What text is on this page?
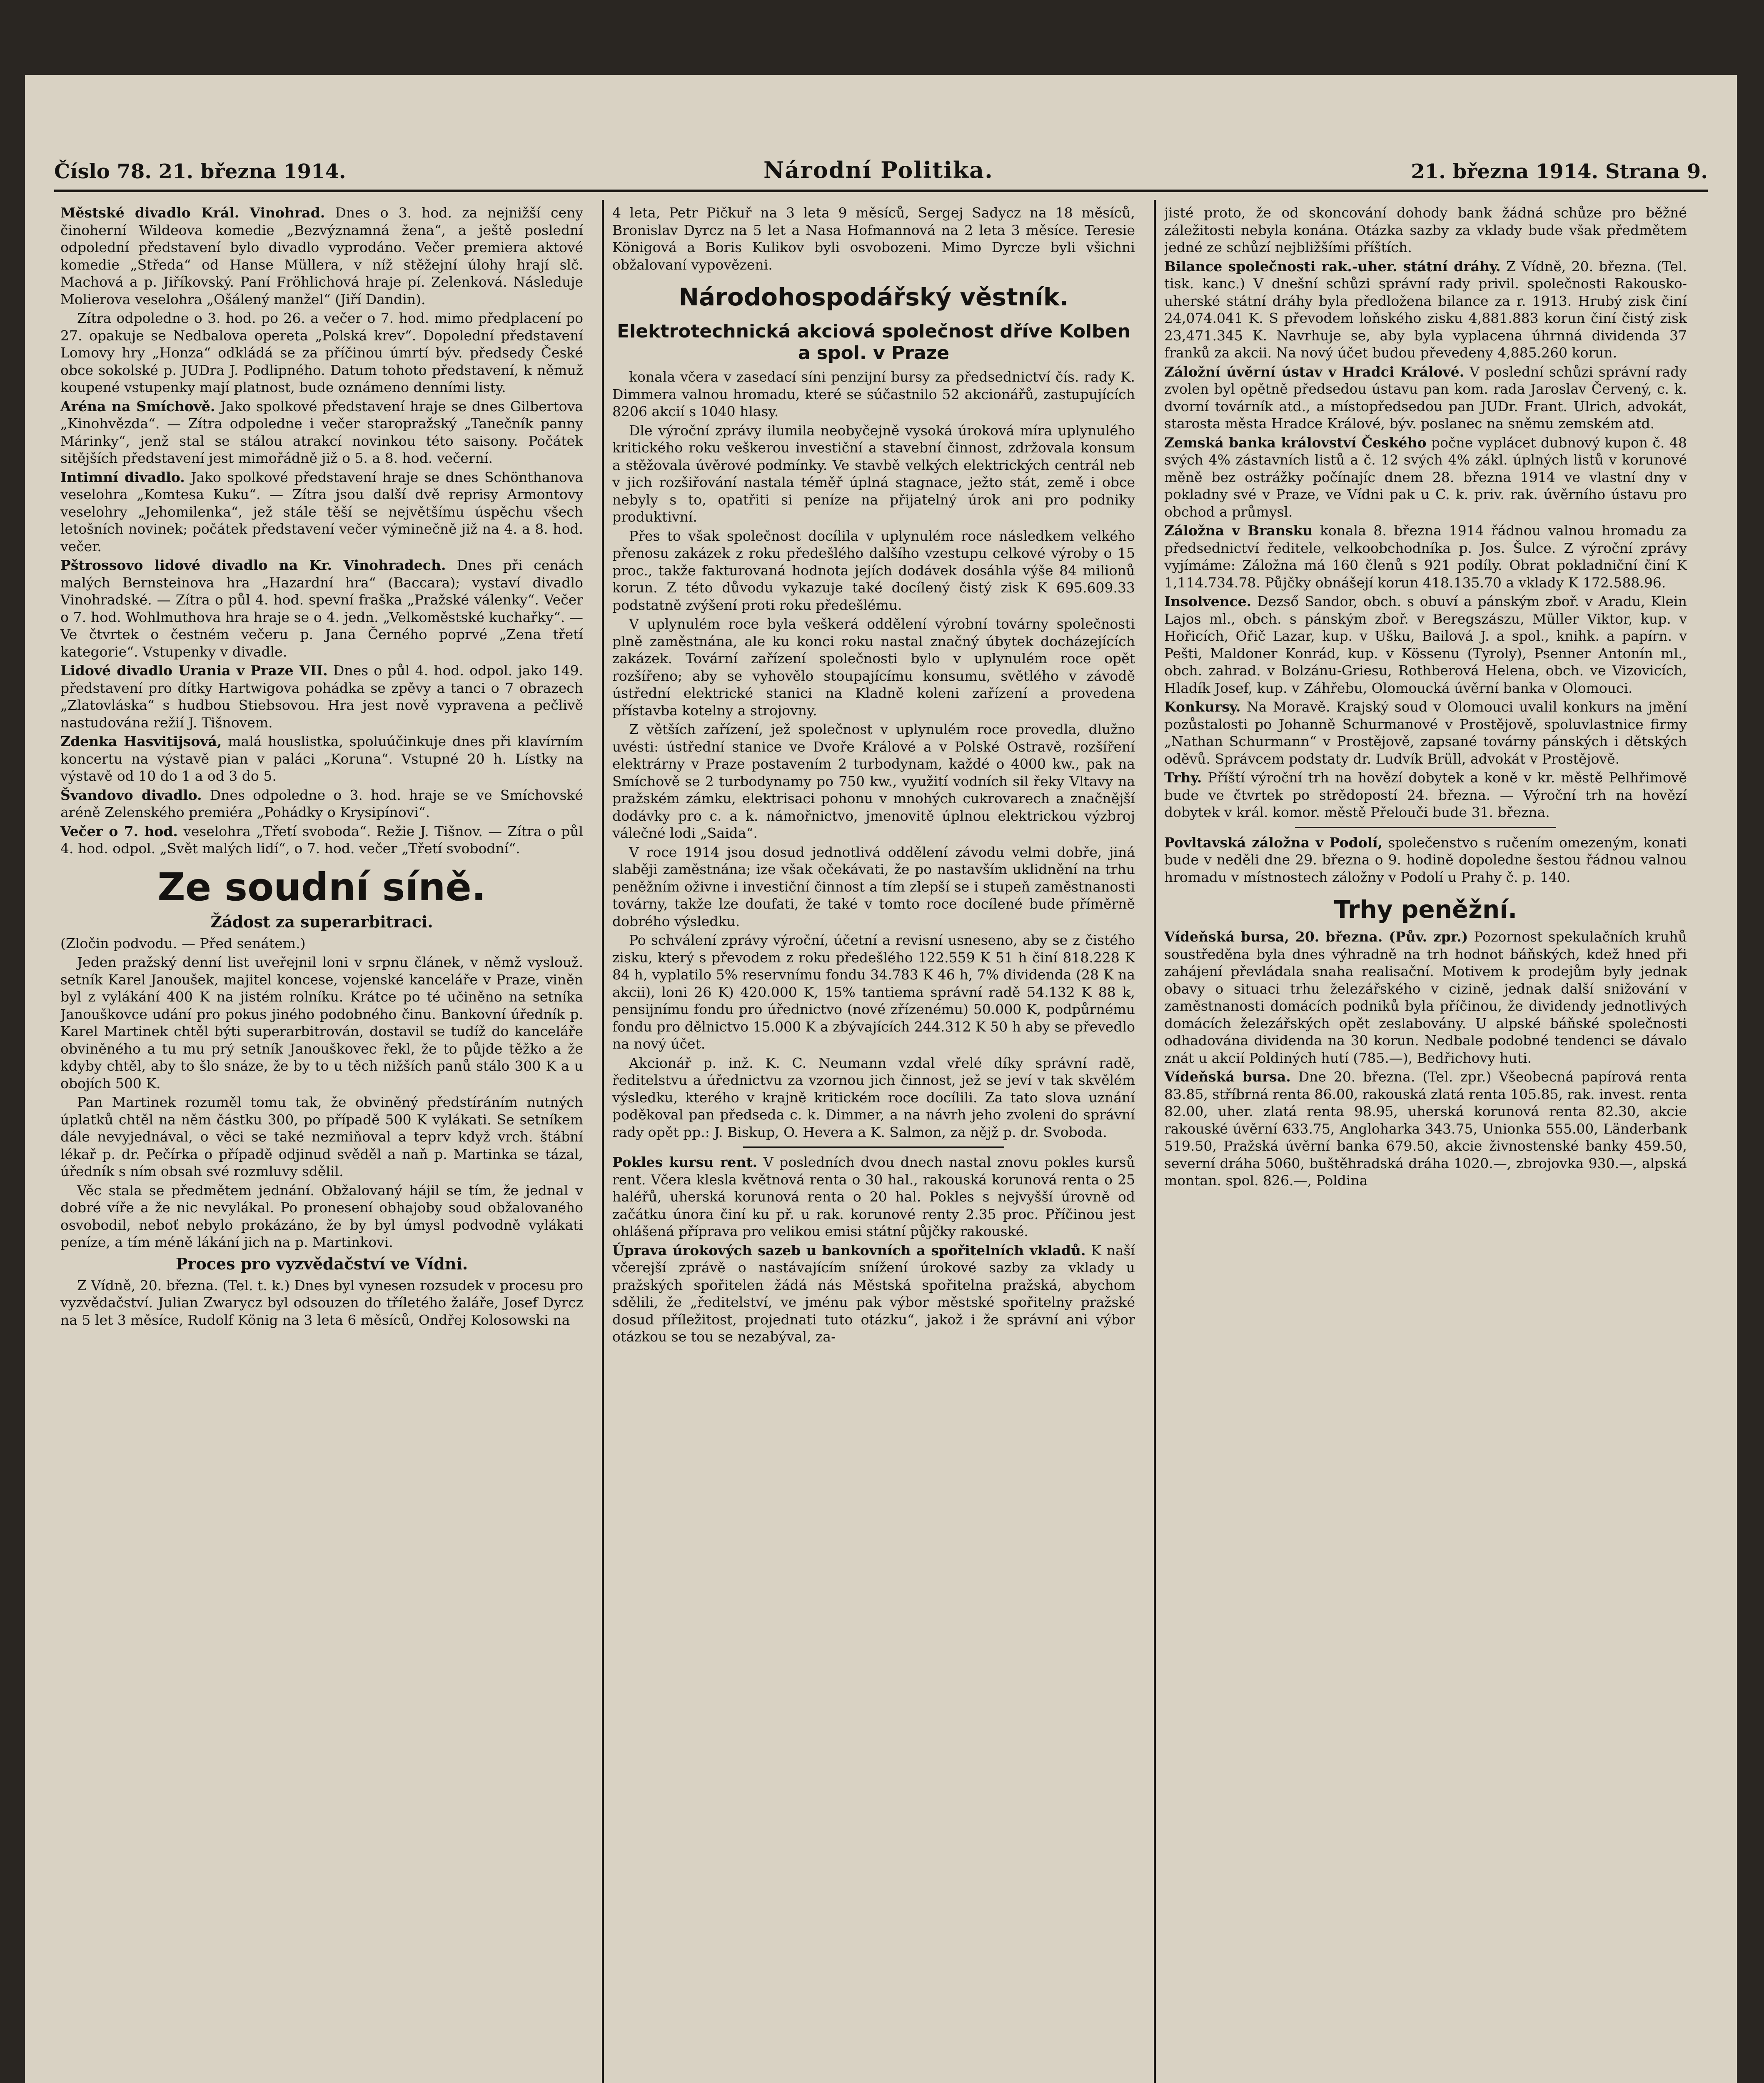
Číslo 78. 21. března 1914.	Národní Politika.	21. března 1914. Strana 9.

Městské divadlo Král. Vinohrad. Dnes o 3. hod. za nejnižší ceny činoherní Wildeova komedie „Bezvýznamná žena“, a ještě poslední odpolední představení bylo divadlo vyprodáno. Večer premiera aktové komedie „Středa“ od Hanse Müllera, v níž stěžejní úlohy hrají slč. Machová a p. Jiříkovský. Paní Fröhlichová hraje pí. Zelenková. Následuje Molierova veselohra „Ošálený manžel“ (Jiří Dandin).

Zítra odpoledne o 3. hod. po 26. a večer o 7. hod. mimo předplacení po 27. opakuje se Nedbalova opereta „Polská krev“. Dopolední představení Lomovy hry „Honza“ odkládá se za příčinou úmrtí býv. předsedy České obce sokolské p. JUDra J. Podlipného. Datum tohoto představení, k němuž koupené vstupenky mají platnost, bude oznámeno denními listy.

Aréna na Smíchově. Jako spolkové představení hraje se dnes Gilbertova „Kinohvězda“. — Zítra odpoledne i večer staropražský „Tanečník panny Márinky“, jenž stal se stálou atrakcí novinkou této saisony. Počátek sitějších představení jest mimořádně již o 5. a 8. hod. večerní.

Intimní divadlo. Jako spolkové představení hraje se dnes Schönthanova veselohra „Komtesa Kuku“. — Zítra jsou další dvě reprisy Armontovy veselohry „Jehomilenka“, jež stále těší se největšímu úspěchu všech letošních novinek; počátek představení večer výminečně již na 4. a 8. hod. večer.

Pštrossovo lidové divadlo na Kr. Vinohradech. Dnes při cenách malých Bernsteinova hra „Hazardní hra“ (Baccara); vystaví divadlo Vinohradské. — Zítra o půl 4. hod. spevní fraška „Pražské válenky“. Večer o 7. hod. Wohlmuthova hra hraje se o 4. jedn. „Velkoměstské kuchařky“. — Ve čtvrtek o čestném večeru p. Jana Černého poprvé „Zena třetí kategorie“. Vstupenky v divadle.

Lidové divadlo Urania v Praze VII. Dnes o půl 4. hod. odpol. jako 149. představení pro dítky Hartwigova pohádka se zpěvy a tanci o 7 obrazech „Zlatovláska“ s hudbou Stiebsovou. Hra jest nově vypravena a pečlivě nastudována režií J. Tišnovem.

Zdenka Hasvitijsová, malá houslistka, spoluúčinkuje dnes při klavírním koncertu na výstavě pian v paláci „Koruna“. Vstupné 20 h. Lístky na výstavě od 10 do 1 a od 3 do 5.

Švandovo divadlo. Dnes odpoledne o 3. hod. hraje se ve Smíchovské aréně Zelenského premiéra „Pohádky o Krysipínovi“.

Večer o 7. hod. veselohra „Třetí svoboda“. Režie J. Tišnov. — Zítra o půl 4. hod. odpol. „Svět malých lidí“, o 7. hod. večer „Třetí svobodní“.

Ze soudní síně.
Žádost za superarbitraci.

(Zločin podvodu. — Před senátem.)

Jeden pražský denní list uveřejnil loni v srpnu článek, v němž vyslouž. setník Karel Janoušek, majitel koncese, vojenské kanceláře v Praze, viněn byl z vylákání 400 K na jistém rolníku. Krátce po té učiněno na setníka Janouškovce udání pro pokus jiného podobného činu. Bankovní úředník p. Karel Martinek chtěl býti superarbitrován, dostavil se tudíž do kanceláře obviněného a tu mu prý setník Janouškovec řekl, že to půjde těžko a že kdyby chtěl, aby to šlo snáze, že by to u těch nižších panů stálo 300 K a u obojích 500 K.

Pan Martinek rozuměl tomu tak, že obviněný předstíráním nutných úplatků chtěl na něm částku 300, po případě 500 K vylákati. Se setníkem dále nevyjednával, o věci se také nezmiňoval a teprv když vrch. štábní lékař p. dr. Pečírka o případě odjinud svěděl a naň p. Martinka se tázal, úředník s ním obsah své rozmluvy sdělil.

Věc stala se předmětem jednání. Obžalovaný hájil se tím, že jednal v dobré víře a že nic nevylákal. Po pronesení obhajoby soud obžalovaného osvobodil, neboť nebylo prokázáno, že by byl úmysl podvodně vylákati peníze, a tím méně lákání jich na p. Martinkovi.

Proces pro vyzvědačství ve Vídni.

Z Vídně, 20. března. (Tel. t. k.) Dnes byl vynesen rozsudek v procesu pro vyzvědačství. Julian Zwarycz byl odsouzen do tříletého žaláře, Josef Dyrcz na 5 let 3 měsíce, Rudolf König na 3 leta 6 měsíců, Ondřej Kolosowski na

4 leta, Petr Pičkuř na 3 leta 9 měsíců, Sergej Sadycz na 18 měsíců, Bronislav Dyrcz na 5 let a Nasa Hofmannová na 2 leta 3 měsíce. Teresie Königová a Boris Kulikov byli osvobozeni. Mimo Dyrcze byli všichni obžalovaní vypovězeni.

Národohospodářský věstník.
Elektrotechnická akciová společnost dříve Kolben a spol. v Praze

konala včera v zasedací síni penzijní bursy za předsednictví čís. rady K. Dimmera valnou hromadu, které se súčastnilo 52 akcionářů, zastupujících 8206 akcií s 1040 hlasy.

Dle výroční zprávy ilumila neobyčejně vysoká úroková míra uplynulého kritického roku veškerou investiční a stavební činnost, zdržovala konsum a stěžovala úvěrové podmínky. Ve stavbě velkých elektrických centrál neb v jich rozšiřování nastala téměř úplná stagnace, ježto stát, země i obce nebyly s to, opatřiti si peníze na přijatelný úrok ani pro podniky produktivní.

Přes to však společnost docílila v uplynulém roce následkem velkého přenosu zakázek z roku předešlého dalšího vzestupu celkové výroby o 15 proc., takže fakturovaná hodnota jejích dodávek dosáhla výše 84 milionů korun. Z této důvodu vykazuje také docílený čistý zisk K 695.609.33 podstatně zvýšení proti roku předešlému.

V uplynulém roce byla veškerá oddělení výrobní továrny společnosti plně zaměstnána, ale ku konci roku nastal značný úbytek docházejících zakázek. Tovární zařízení společnosti bylo v uplynulém roce opět rozšířeno; aby se vyhovělo stoupajícímu konsumu, světlého v závodě ústřední elektrické stanici na Kladně koleni zařízení a provedena přístavba kotelny a strojovny.

Z větších zařízení, jež společnost v uplynulém roce provedla, dlužno uvésti: ústřední stanice ve Dvoře Králové a v Polské Ostravě, rozšíření elektrárny v Praze postavením 2 turbodynam, každé o 4000 kw., pak na Smíchově se 2 turbodynamy po 750 kw., využití vodních sil řeky Vltavy na pražském zámku, elektrisaci pohonu v mnohých cukrovarech a značnější dodávky pro c. a k. námořnictvo, jmenovitě úplnou elektrickou výzbroj válečné lodi „Saida“.

V roce 1914 jsou dosud jednotlivá oddělení závodu velmi dobře, jiná slaběji zaměstnána; ize však očekávati, že po nastavším uklidnění na trhu peněžním oživne i investiční činnost a tím zlepší se i stupeň zaměstnanosti továrny, takže lze doufati, že také v tomto roce docílené bude příměrně dobrého výsledku.

Po schválení zprávy výroční, účetní a revisní usneseno, aby se z čistého zisku, který s převodem z roku předešlého 122.559 K 51 h činí 818.228 K 84 h, vyplatilo 5% reservnímu fondu 34.783 K 46 h, 7% dividenda (28 K na akcii), loni 26 K) 420.000 K, 15% tantiema správní radě 54.132 K 88 k, pensijnímu fondu pro úřednictvo (nové zřízenému) 50.000 K, podpůrnému fondu pro dělnictvo 15.000 K a zbývajících 244.312 K 50 h aby se převedlo na nový účet.

Akcionář p. inž. K. C. Neumann vzdal vřelé díky správní radě, ředitelstvu a úřednictvu za vzornou jich činnost, jež se jeví v tak skvělém výsledku, kterého v krajně kritickém roce docílili. Za tato slova uznání poděkoval pan předseda c. k. Dimmer, a na návrh jeho zvoleni do správní rady opět pp.: J. Biskup, O. Hevera a K. Salmon, za nějž p. dr. Svoboda.

Pokles kursu rent. V posledních dvou dnech nastal znovu pokles kursů rent. Včera klesla květnová renta o 30 hal., rakouská korunová renta o 25 haléřů, uherská korunová renta o 20 hal. Pokles s nejvyšší úrovně od začátku února činí ku př. u rak. korunové renty 2.35 proc. Příčinou jest ohlášená příprava pro velikou emisi státní půjčky rakouské.

Úprava úrokových sazeb u bankovních a spořitelních vkladů. K naší včerejší zprávě o nastávajícím snížení úrokové sazby za vklady u pražských spořitelen žádá nás Městská spořitelna pražská, abychom sdělili, že „ředitelství, ve jménu pak výbor městské spořitelny pražské dosud příležitost, projednati tuto otázku“, jakož i že správní ani výbor otázkou se tou se nezabýval, za-

jisté proto, že od skoncování dohody bank žádná schůze pro běžné záležitosti nebyla konána. Otázka sazby za vklady bude však předmětem jedné ze schůzí nejbližšími příštích.

Bilance společnosti rak.-uher. státní dráhy. Z Vídně, 20. března. (Tel. tisk. kanc.) V dnešní schůzi správní rady privil. společnosti Rakousko-uherské státní dráhy byla předložena bilance za r. 1913. Hrubý zisk činí 24,074.041 K. S převodem loňského zisku 4,881.883 korun činí čistý zisk 23,471.345 K. Navrhuje se, aby byla vyplacena úhrnná dividenda 37 franků za akcii. Na nový účet budou převedeny 4,885.260 korun.

Záložní úvěrní ústav v Hradci Králové. V poslední schůzi správní rady zvolen byl opětně předsedou ústavu pan kom. rada Jaroslav Červený, c. k. dvorní továrník atd., a místopředsedou pan JUDr. Frant. Ulrich, advokát, starosta města Hradce Králové, býv. poslanec na sněmu zemském atd.

Zemská banka království Českého počne vyplácet dubnový kupon č. 48 svých 4% zástavních listů a č. 12 svých 4% zákl. úplných listů v korunové měně bez ostrážky počínajíc dnem 28. března 1914 ve vlastní dny v pokladny své v Praze, ve Vídni pak u C. k. priv. rak. úvěrního ústavu pro obchod a průmysl.

Záložna v Bransku konala 8. března 1914 řádnou valnou hromadu za předsednictví ředitele, velkoobchodníka p. Jos. Šulce. Z výroční zprávy vyjímáme: Záložna má 160 členů s 921 podíly. Obrat pokladniční činí K 1,114.734.78. Půjčky obnášejí korun 418.135.70 a vklady K 172.588.96.

Insolvence. Dezső Sandor, obch. s obuví a pánským zboř. v Aradu, Klein Lajos ml., obch. s pánským zboř. v Beregszászu, Müller Viktor, kup. v Hořicích, Ořič Lazar, kup. v Ušku, Bailová J. a spol., knihk. a papírn. v Pešti, Maldoner Konrád, kup. v Kössenu (Tyroly), Psenner Antonín ml., obch. zahrad. v Bolzánu-Griesu, Rothberová Helena, obch. ve Vizovicích, Hladík Josef, kup. v Záhřebu, Olomoucká úvěrní banka v Olomouci.

Konkursy. Na Moravě. Krajský soud v Olomouci uvalil konkurs na jmění pozůstalosti po Johanně Schurmanové v Prostějově, spoluvlastnice firmy „Nathan Schurmann“ v Prostějově, zapsané továrny pánských i dětských oděvů. Správcem podstaty dr. Ludvík Brüll, advokát v Prostějově.

Trhy. Příští výroční trh na hovězí dobytek a koně v kr. městě Pelhřimově bude ve čtvrtek po strědopostí 24. března. — Výroční trh na hovězí dobytek v král. komor. městě Přelouči bude 31. března.

Povltavská záložna v Podolí, společenstvo s ručením omezeným, konati bude v neděli dne 29. března o 9. hodině dopoledne šestou řádnou valnou hromadu v místnostech záložny v Podolí u Prahy č. p. 140.

Trhy peněžní.

Vídeňská bursa, 20. března. (Pův. zpr.) Pozornost spekulačních kruhů soustředěna byla dnes výhradně na trh hodnot báňských, kdež hned při zahájení převládala snaha realisační. Motivem k prodejům byly jednak obavy o situaci trhu železářského v cizině, jednak další snižování v zaměstnanosti domácích podniků byla příčinou, že dividendy jednotlivých domácích železářských opět zeslabovány. U alpské báňské společnosti odhadována dividenda na 30 korun. Nedbale podobné tendenci se dávalo znát u akcií Poldiných hutí (785.—), Bedřichovy huti.

Vídeňská bursa. Dne 20. března. (Tel. zpr.) Všeobecná papírová renta 83.85, stříbrná renta 86.00, rakouská zlatá renta 105.85, rak. invest. renta 82.00, uher. zlatá renta 98.95, uherská korunová renta 82.30, akcie rakouské úvěrní 633.75, Angloharka 343.75, Unionka 555.00, Länderbank 519.50, Pražská úvěrní banka 679.50, akcie živnostenské banky 459.50, severní dráha 5060, buštěhradská dráha 1020.—, zbrojovka 930.—, alpská montan. spol. 826.—, Poldina
